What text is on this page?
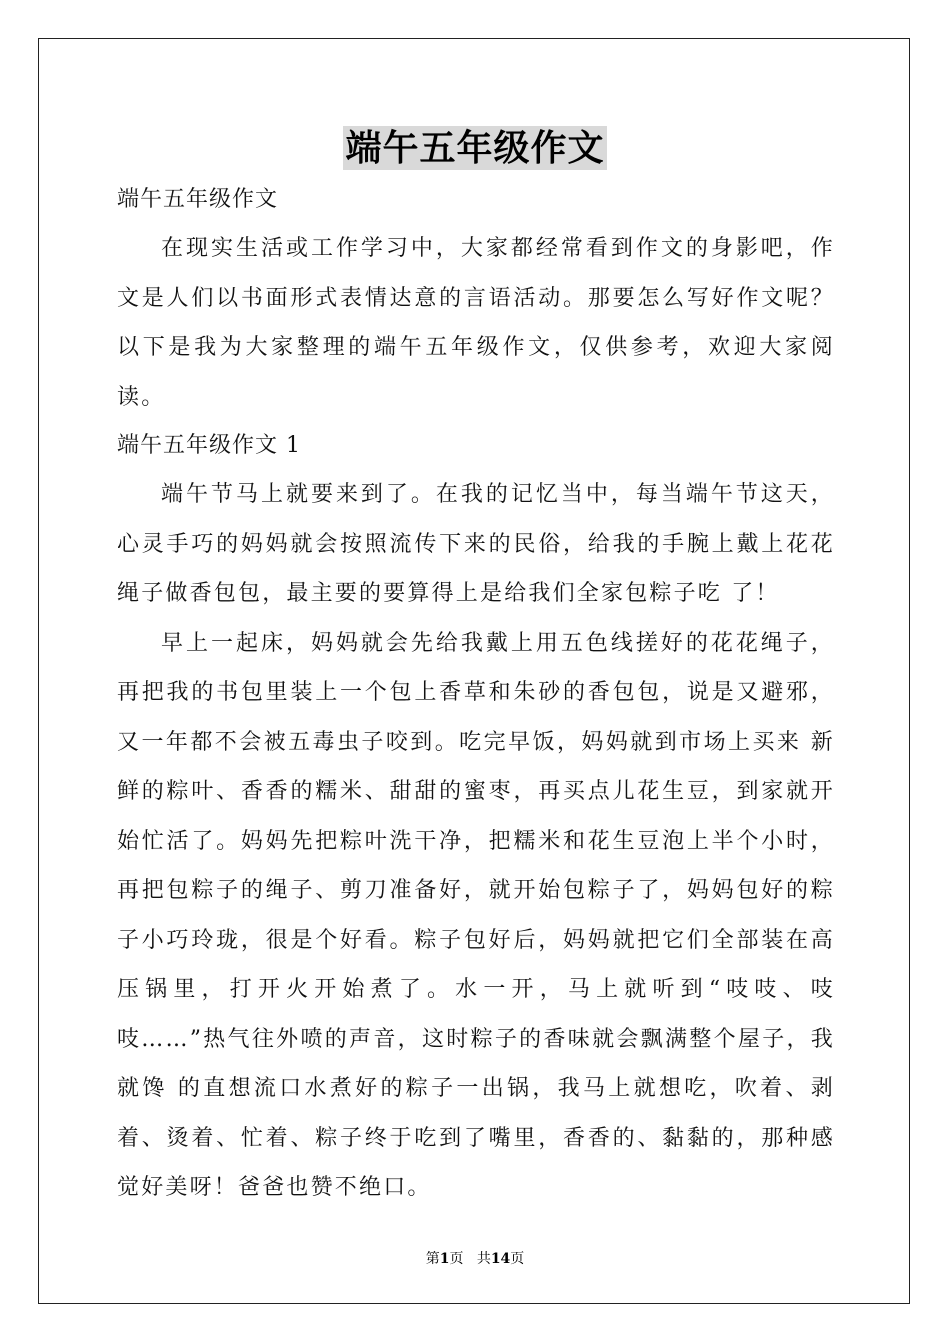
端午五年级作文

端午五年级作文

在现实生活或工作学习中，大家都经常看到作文的身影吧，作文是人们以书面形式表情达意的言语活动。那要怎么写好作文呢？以下是我为大家整理的端午五年级作文，仅供参考，欢迎大家阅读。

端午五年级作文 1

端午节马上就要来到了。在我的记忆当中，每当端午节这天，心灵手巧的妈妈就会按照流传下来的民俗，给我的手腕上戴上花花绳子做香包包，最主要的要算得上是给我们全家包粽子吃 了！

早上一起床，妈妈就会先给我戴上用五色线搓好的花花绳子，再把我的书包里装上一个包上香草和朱砂的香包包，说是又避邪，又一年都不会被五毒虫子咬到。吃完早饭，妈妈就到市场上买来 新鲜的粽叶、香香的糯米、甜甜的蜜枣，再买点儿花生豆，到家就开始忙活了。妈妈先把粽叶洗干净，把糯米和花生豆泡上半个小时，再把包粽子的绳子、剪刀准备好，就开始包粽子了，妈妈包好的粽 子小巧玲珑，很是个好看。粽子包好后，妈妈就把它们全部装在高压锅里，打开火开始煮了。水一开，马上就听到“吱吱、吱吱……”热气往外喷的声音，这时粽子的香味就会飘满整个屋子，我就馋 的直想流口水煮好的粽子一出锅，我马上就想吃，吹着、剥着、烫着、忙着、粽子终于吃到了嘴里，香香的、黏黏的，那种感觉好美呀！爸爸也赞不绝口。

第1页 共14页
